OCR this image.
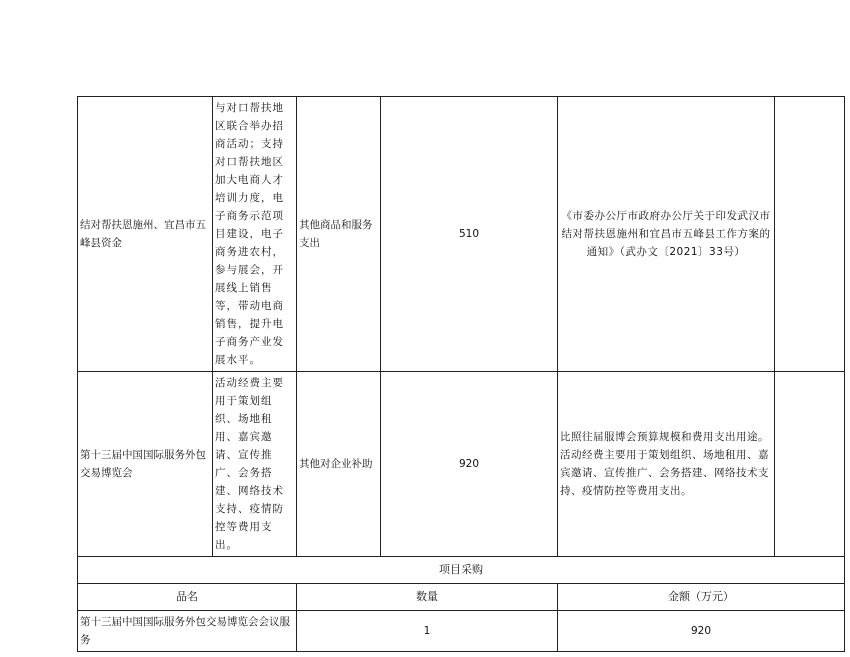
结对帮扶恩施州、宜昌市五峰县资金	与对口帮扶地区联合举办招商活动；支持对口帮扶地区加大电商人才培训力度，电子商务示范项目建设，电子商务进农村，参与展会，开展线上销售等，带动电商销售，提升电子商务产业发展水平。	其他商品和服务支出	510	《市委办公厅市政府办公厅关于印发武汉市结对帮扶恩施州和宜昌市五峰县工作方案的通知》（武办文〔2021〕33号）	
第十三届中国国际服务外包交易博览会	活动经费主要用于策划组织、场地租用、嘉宾邀请、宣传推广、会务搭建、网络技术支持、疫情防控等费用支出。	其他对企业补助	920	比照往届服博会预算规模和费用支出用途。活动经费主要用于策划组织、场地租用、嘉宾邀请、宣传推广、会务搭建、网络技术支持、疫情防控等费用支出。	
项目采购					
品名		数量		金额（万元）	
第十三届中国国际服务外包交易博览会会议服务		1		920	
